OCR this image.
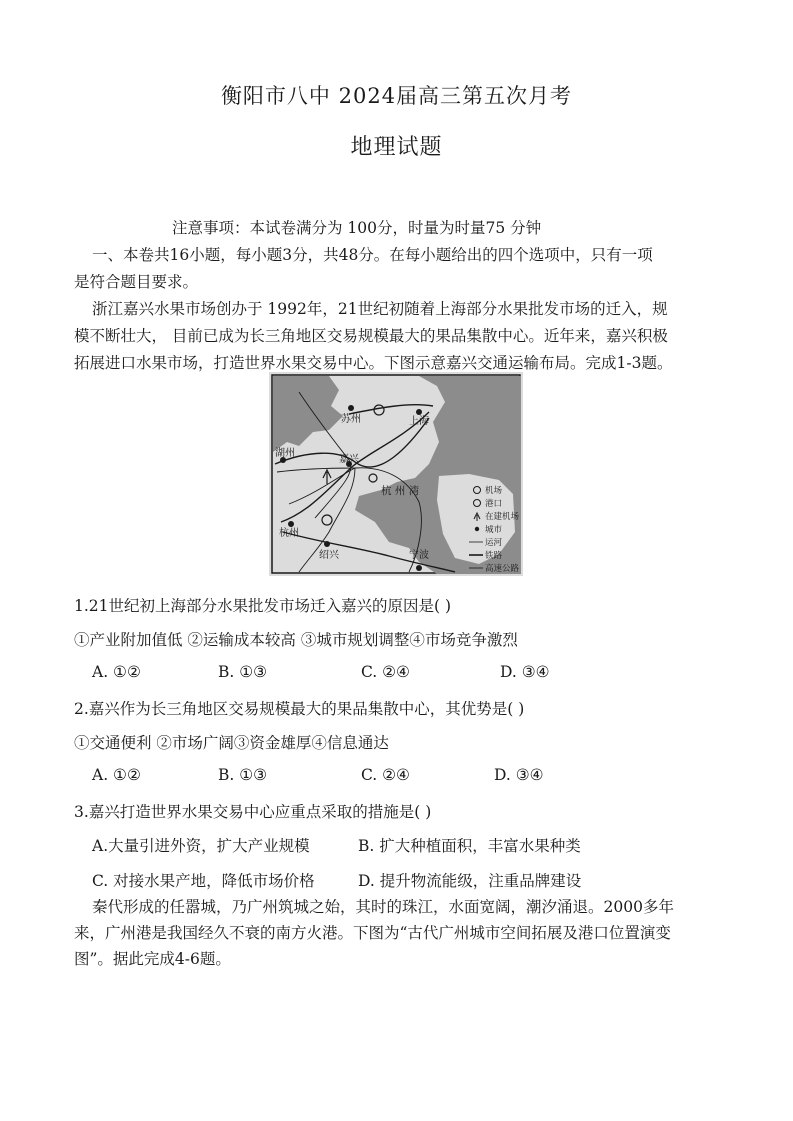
衡阳市八中 2024届高三第五次月考
地理试题
注意事项：本试卷满分为 100分，时量为时量75 分钟
一、本卷共16小题，每小题3分，共48分。在每小题给出的四个选项中，只有一项
是符合题目要求。
浙江嘉兴水果市场创办于 1992年，21世纪初随着上海部分水果批发市场的迁入，规
模不断壮大， 目前已成为长三角地区交易规模最大的果品集散中心。近年来，嘉兴积极
拓展进口水果市场，打造世界水果交易中心。下图示意嘉兴交通运输布局。完成1-3题。
苏州	上海
湖州
嘉兴
杭州
绍兴	宁波
杭 州 湾	机场
港口
在建机场
城市
运河
铁路
高速公路
1.21世纪初上海部分水果批发市场迁入嘉兴的原因是( )
①产业附加值低 ②运输成本较高 ③城市规划调整④市场竞争激烈
A. ①②	B. ①③	C. ②④	D. ③④
2.嘉兴作为长三角地区交易规模最大的果品集散中心，其优势是( )
①交通便利 ②市场广阔③资金雄厚④信息通达
A. ①②	B. ①③	C. ②④	D. ③④
3.嘉兴打造世界水果交易中心应重点采取的措施是( )
A.大量引进外资，扩大产业规模	B. 扩大种植面积，丰富水果种类
C. 对接水果产地，降低市场价格	D. 提升物流能级，注重品牌建设
秦代形成的任嚣城，乃广州筑城之始，其时的珠江，水面宽阔，潮汐涌退。2000多年
来，广州港是我国经久不衰的南方火港。下图为“古代广州城市空间拓展及港口位置演变
图”。据此完成4-6题。
